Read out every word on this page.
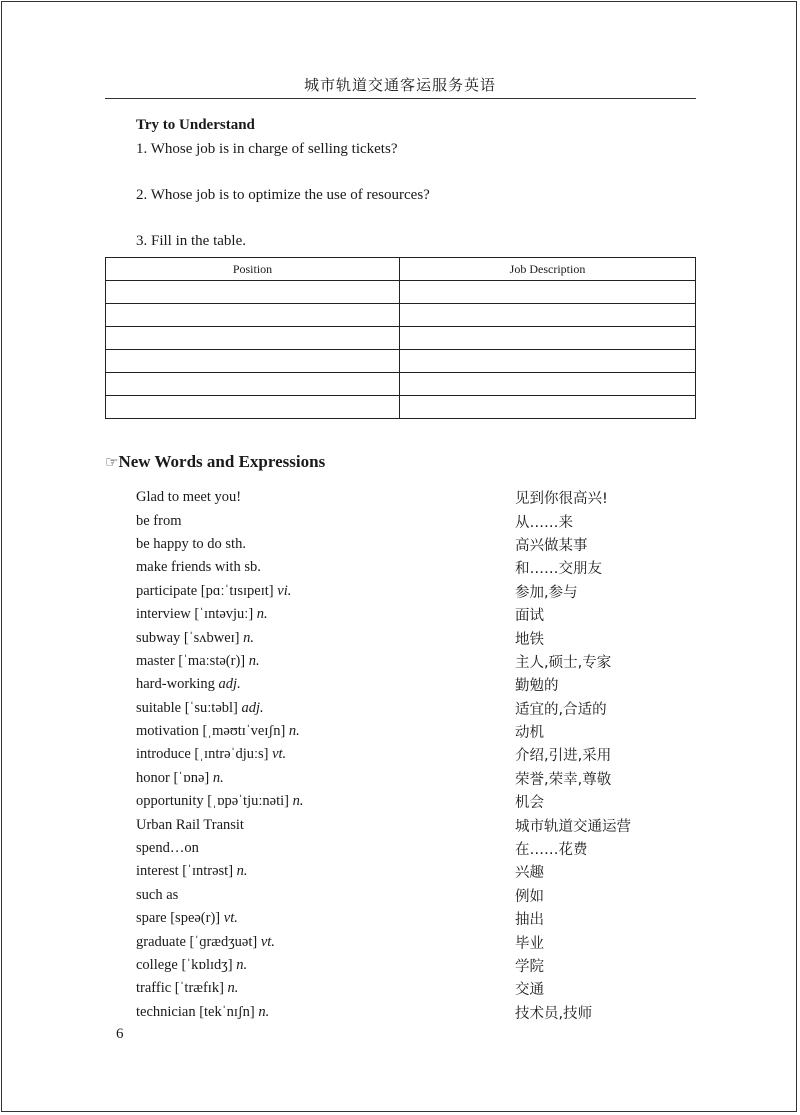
城市轨道交通客运服务英语
Try to Understand
1. Whose job is in charge of selling tickets?
2. Whose job is to optimize the use of resources?
3. Fill in the table.
Position	Job Description

☞New Words and Expressions
Glad to meet you!	见到你很高兴!
be from	从……来
be happy to do sth.	高兴做某事
make friends with sb.	和……交朋友
participate [pɑːˈtɪsɪpeɪt] vi.	参加,参与
interview [ˈɪntəvjuː] n.	面试
subway [ˈsʌbweɪ] n.	地铁
master [ˈmaːstə(r)] n.	主人,硕士,专家
hard-working adj.	勤勉的
suitable [ˈsuːtəbl] adj.	适宜的,合适的
motivation [ˌməʊtɪˈveɪʃn] n.	动机
introduce [ˌɪntrəˈdjuːs] vt.	介绍,引进,采用
honor [ˈɒnə] n.	荣誉,荣幸,尊敬
opportunity [ˌɒpəˈtjuːnəti] n.	机会
Urban Rail Transit	城市轨道交通运营
spend…on	在……花费
interest [ˈɪntrəst] n.	兴趣
such as	例如
spare [speə(r)] vt.	抽出
graduate [ˈɡrædʒuət] vt.	毕业
college [ˈkɒlɪdʒ] n.	学院
traffic [ˈtræfɪk] n.	交通
technician [tekˈnɪʃn] n.	技术员,技师
6
